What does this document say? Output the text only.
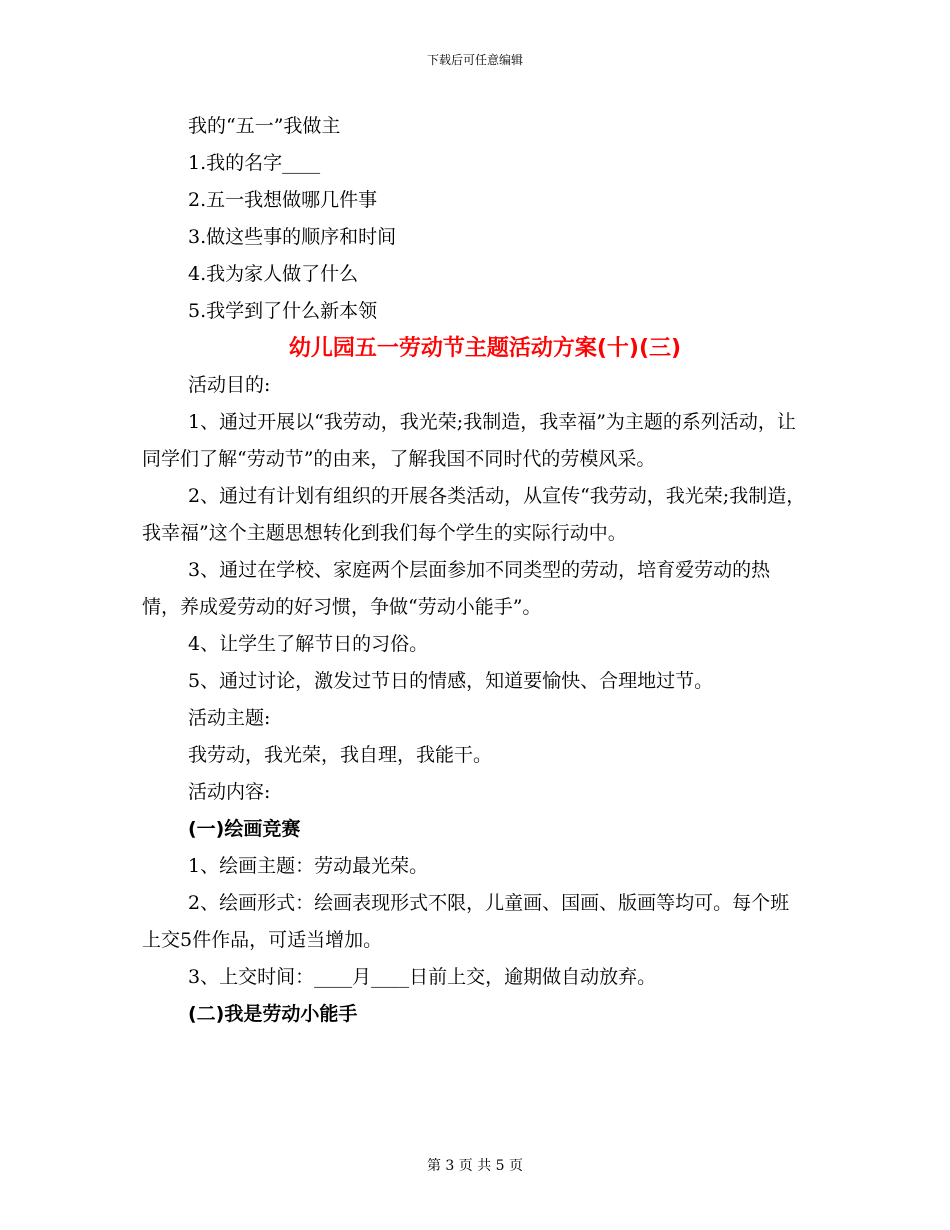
下载后可任意编辑
我的“五一”我做主
1.我的名字____
2.五一我想做哪几件事
3.做这些事的顺序和时间
4.我为家人做了什么
5.我学到了什么新本领
幼儿园五一劳动节主题活动方案(十)(三)
活动目的:

1、通过开展以“我劳动，我光荣;我制造，我幸福”为主题的系列活动，让同学们了解“劳动节”的由来，了解我国不同时代的劳模风采。

2、通过有计划有组织的开展各类活动，从宣传“我劳动，我光荣;我制造，我幸福”这个主题思想转化到我们每个学生的实际行动中。

3、通过在学校、家庭两个层面参加不同类型的劳动，培育爱劳动的热情，养成爱劳动的好习惯，争做“劳动小能手”。

4、让学生了解节日的习俗。

5、通过讨论，激发过节日的情感，知道要愉快、合理地过节。

活动主题:
我劳动，我光荣，我自理，我能干。
活动内容:
(一)绘画竞赛

1、绘画主题：劳动最光荣。

2、绘画形式：绘画表现形式不限，儿童画、国画、版画等均可。每个班上交5件作品，可适当增加。

3、上交时间：____月____日前上交，逾期做自动放弃。

(二)我是劳动小能手
第 3 页 共 5 页
